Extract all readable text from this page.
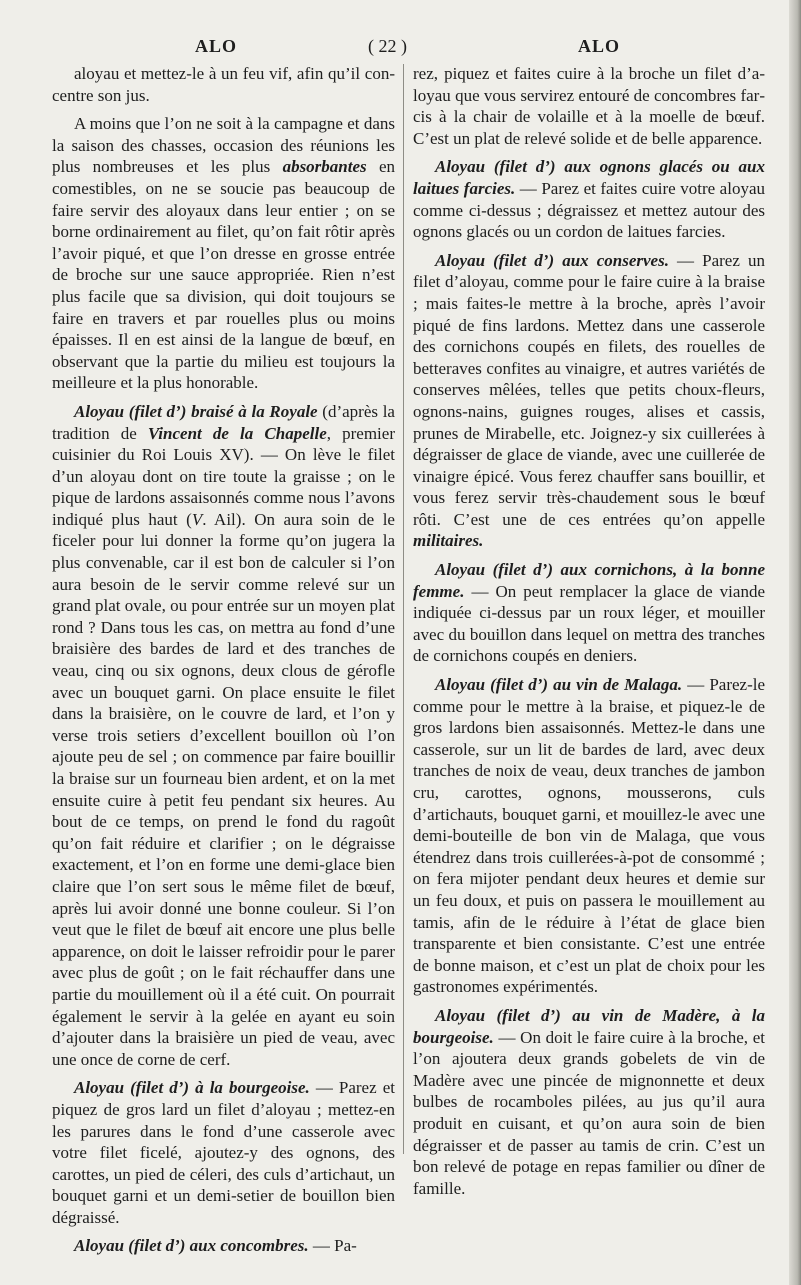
ALO	( 22 )	ALO

aloyau et mettez-le à un feu vif, afin qu’il concentre son jus.

A moins que l’on ne soit à la campagne et dans la saison des chasses, occasion des réunions les plus nombreuses et les plus absorbantes en comestibles, on ne se soucie pas beaucoup de faire servir des aloyaux dans leur entier ; on se borne ordinairement au filet, qu’on fait rôtir après l’avoir piqué, et que l’on dresse en grosse entrée de broche sur une sauce appropriée. Rien n’est plus facile que sa division, qui doit toujours se faire en travers et par rouelles plus ou moins épaisses. Il en est ainsi de la langue de bœuf, en observant que la partie du milieu est toujours la meilleure et la plus honorable.

Aloyau (filet d’) braisé à la Royale (d’après la tradition de Vincent de la Chapelle, premier cuisinier du Roi Louis XV). — On lève le filet d’un aloyau dont on tire toute la graisse ; on le pique de lardons assaisonnés comme nous l’avons indiqué plus haut (V. Ail). On aura soin de le ficeler pour lui donner la forme qu’on jugera la plus convenable, car il est bon de calculer si l’on aura besoin de le servir comme relevé sur un grand plat ovale, ou pour entrée sur un moyen plat rond ? Dans tous les cas, on mettra au fond d’une braisière des bardes de lard et des tranches de veau, cinq ou six ognons, deux clous de gérofle avec un bouquet garni. On place ensuite le filet dans la braisière, on le couvre de lard, et l’on y verse trois setiers d’excellent bouillon où l’on ajoute peu de sel ; on commence par faire bouillir la braise sur un fourneau bien ardent, et on la met ensuite cuire à petit feu pendant six heures. Au bout de ce temps, on prend le fond du ragoût qu’on fait réduire et clarifier ; on le dégraisse exactement, et l’on en forme une demi-glace bien claire que l’on sert sous le même filet de bœuf, après lui avoir donné une bonne couleur. Si l’on veut que le filet de bœuf ait encore une plus belle apparence, on doit le laisser refroidir pour le parer avec plus de goût ; on le fait réchauffer dans une partie du mouillement où il a été cuit. On pourrait également le servir à la gelée en ayant eu soin d’ajouter dans la braisière un pied de veau, avec une once de corne de cerf.

Aloyau (filet d’) à la bourgeoise. — Parez et piquez de gros lard un filet d’aloyau ; mettez-en les parures dans le fond d’une casserole avec votre filet ficelé, ajoutez-y des ognons, des carottes, un pied de céleri, des culs d’artichaut, un bouquet garni et un demi-setier de bouillon bien dégraissé.

Aloyau (filet d’) aux concombres. — Pa-

rez, piquez et faites cuire à la broche un filet d’aloyau que vous servirez entouré de concombres farcis à la chair de volaille et à la moelle de bœuf. C’est un plat de relevé solide et de belle apparence.

Aloyau (filet d’) aux ognons glacés ou aux laitues farcies. — Parez et faites cuire votre aloyau comme ci-dessus ; dégraissez et mettez autour des ognons glacés ou un cordon de laitues farcies.

Aloyau (filet d’) aux conserves. — Parez un filet d’aloyau, comme pour le faire cuire à la braise ; mais faites-le mettre à la broche, après l’avoir piqué de fins lardons. Mettez dans une casserole des cornichons coupés en filets, des rouelles de betteraves confites au vinaigre, et autres variétés de conserves mêlées, telles que petits choux-fleurs, ognons-nains, guignes rouges, alises et cassis, prunes de Mirabelle, etc. Joignez-y six cuillerées à dégraisser de glace de viande, avec une cuillerée de vinaigre épicé. Vous ferez chauffer sans bouillir, et vous ferez servir très-chaudement sous le bœuf rôti. C’est une de ces entrées qu’on appelle militaires.

Aloyau (filet d’) aux cornichons, à la bonne femme. — On peut remplacer la glace de viande indiquée ci-dessus par un roux léger, et mouiller avec du bouillon dans lequel on mettra des tranches de cornichons coupés en deniers.

Aloyau (filet d’) au vin de Malaga. — Parez-le comme pour le mettre à la braise, et piquez-le de gros lardons bien assaisonnés. Mettez-le dans une casserole, sur un lit de bardes de lard, avec deux tranches de noix de veau, deux tranches de jambon cru, carottes, ognons, mousserons, culs d’artichauts, bouquet garni, et mouillez-le avec une demi-bouteille de bon vin de Malaga, que vous étendrez dans trois cuillerées-à-pot de consommé ; on fera mijoter pendant deux heures et demie sur un feu doux, et puis on passera le mouillement au tamis, afin de le réduire à l’état de glace bien transparente et bien consistante. C’est une entrée de bonne maison, et c’est un plat de choix pour les gastronomes expérimentés.

Aloyau (filet d’) au vin de Madère, à la bourgeoise. — On doit le faire cuire à la broche, et l’on ajoutera deux grands gobelets de vin de Madère avec une pincée de mignonnette et deux bulbes de rocamboles pilées, au jus qu’il aura produit en cuisant, et qu’on aura soin de bien dégraisser et de passer au tamis de crin. C’est un bon relevé de potage en repas familier ou dîner de famille.
